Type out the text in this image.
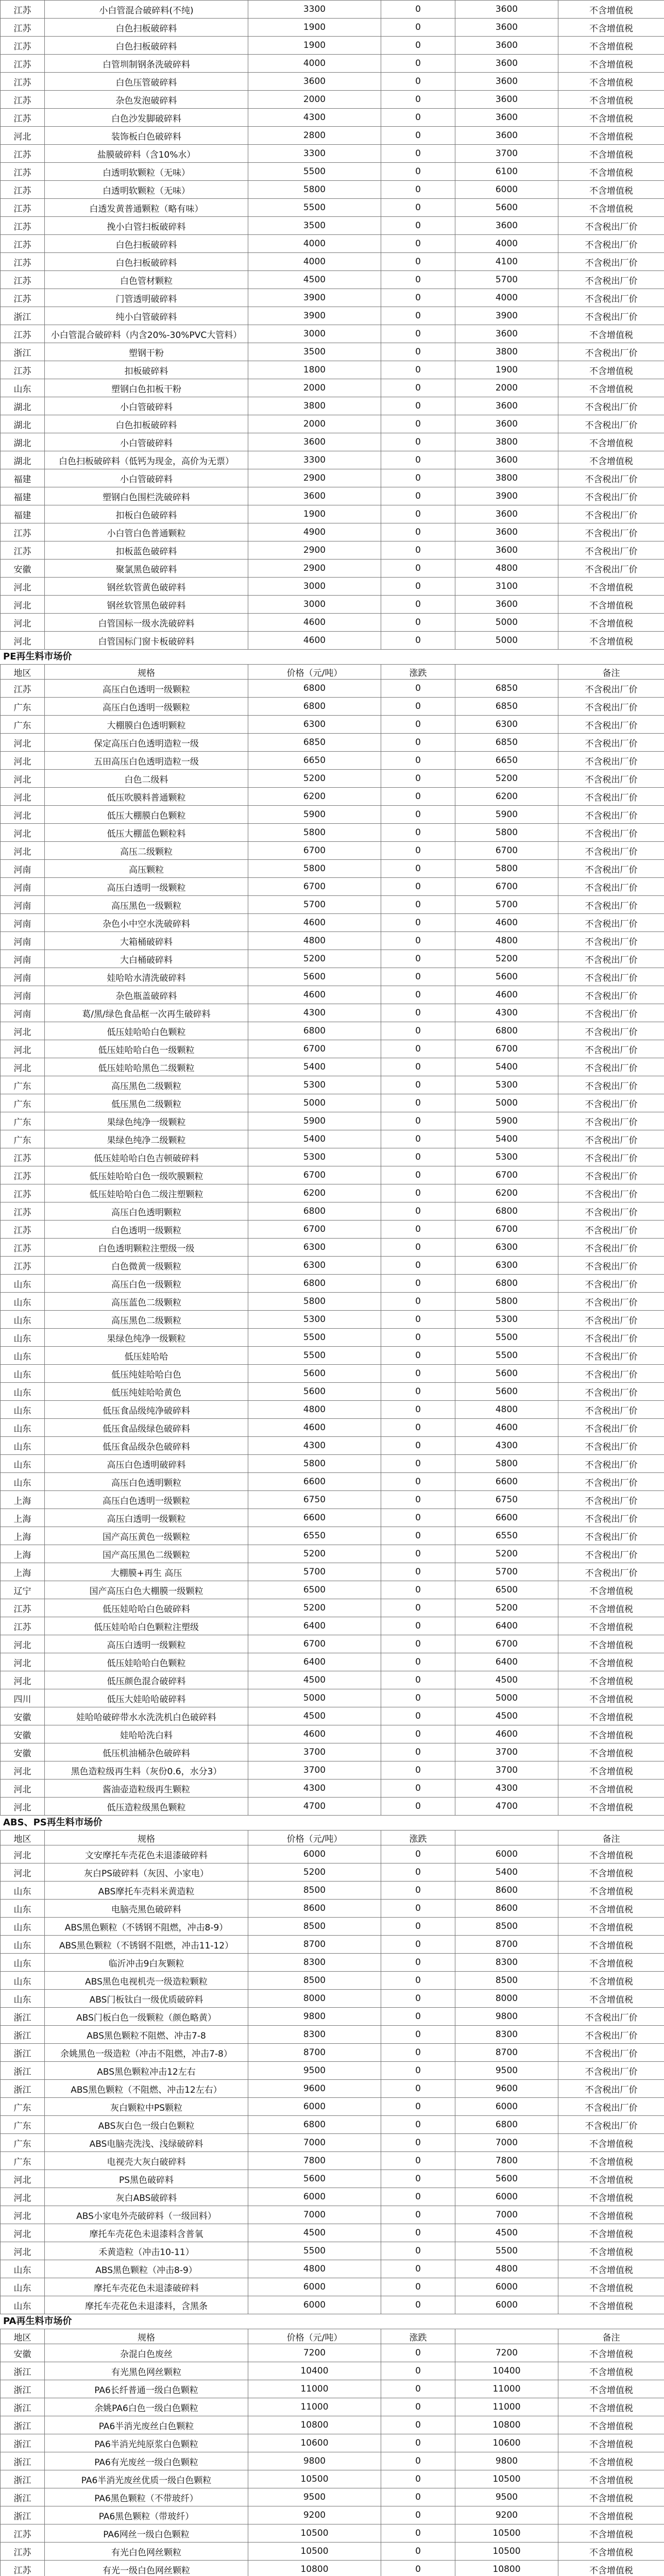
江苏	小白管混合破碎料(不纯)	3300	0	3600	不含增值税
江苏	白色扫板破碎料	1900	0	3600	不含增值税
江苏	白色扫板破碎料	1900	0	3600	不含增值税
江苏	白管圳制钢条洗破碎料	4000	0	3600	不含增值税
江苏	白色压管破碎料	3600	0	3600	不含增值税
江苏	杂色发泡破碎料	2000	0	3600	不含增值税
江苏	白色沙发脚破碎料	4300	0	3600	不含增值税
河北	装饰板白色破碎料	2800	0	3600	不含增值税
江苏	盐膜破碎料（含10%水）	3300	0	3700	不含增值税
江苏	白透明软颗粒（无味）	5500	0	6100	不含增值税
江苏	白透明软颗粒（无味）	5800	0	6000	不含增值税
江苏	白透发黄普通颗粒（略有味）	5500	0	5600	不含增值税
江苏	挽小白管扫板破碎料	3500	0	3600	不含税出厂价
江苏	白色扫板破碎料	4000	0	4000	不含税出厂价
江苏	白色扫板破碎料	4000	0	4100	不含税出厂价
江苏	白色管材颗粒	4500	0	5700	不含税出厂价
江苏	门管透明破碎料	3900	0	4000	不含税出厂价
浙江	纯小白管破碎料	3900	0	3900	不含税出厂价
江苏	小白管混合破碎料（内含20%-30%PVC大管料）	3000	0	3600	不含增值税
浙江	塑钢干粉	3500	0	3800	不含税出厂价
江苏	扣板破碎料	1800	0	1900	不含增值税
山东	塑钢白色扣板干粉	2000	0	2000	不含增值税
湖北	小白管破碎料	3800	0	3600	不含税出厂价
湖北	白色扣板破碎料	2000	0	3600	不含税出厂价
湖北	小白管破碎料	3600	0	3800	不含增值税
湖北	白色扫板破碎料（低钙为现金，高价为无票）	3300	0	3600	不含增值税
福建	小白管破碎料	2900	0	3800	不含税出厂价
福建	塑钢白色围栏洗破碎料	3600	0	3900	不含税出厂价
福建	扣板白色破碎料	1900	0	3600	不含税出厂价
江苏	小白管白色普通颗粒	4900	0	3600	不含税出厂价
江苏	扣板蓝色破碎料	2900	0	3600	不含税出厂价
安徽	聚氯黑色破碎料	2900	0	4800	不含税出厂价
河北	钢丝软管黄色破碎料	3000	0	3100	不含增值税
河北	钢丝软管黑色破碎料	3000	0	3600	不含增值税
河北	白管国标一级水洗破碎料	4600	0	5000	不含增值税
河北	白管国标门窗卡板破碎料	4600	0	5000	不含增值税
PE再生料市场价
地区	规格	价格（元/吨）	涨跌		备注
江苏	高压白色透明一级颗粒	6800	0	6850	不含税出厂价
广东	高压白色透明一级颗粒	6800	0	6850	不含税出厂价
广东	大棚膜白色透明颗粒	6300	0	6300	不含税出厂价
河北	保定高压白色透明造粒一级	6850	0	6850	不含税出厂价
河北	五田高压白色透明造粒一级	6650	0	6650	不含税出厂价
河北	白色二级料	5200	0	5200	不含税出厂价
河北	低压吹膜料普通颗粒	6200	0	6200	不含税出厂价
河北	低压大棚膜白色颗粒	5900	0	5900	不含税出厂价
河北	低压大棚蓝色颗粒料	5800	0	5800	不含税出厂价
河北	高压二级颗粒	6700	0	6700	不含税出厂价
河南	高压颗粒	5800	0	5800	不含税出厂价
河南	高压白透明一级颗粒	6700	0	6700	不含税出厂价
河南	高压黑色一级颗粒	5700	0	5700	不含税出厂价
河南	杂色小中空水洗破碎料	4600	0	4600	不含税出厂价
河南	大箱桶破碎料	4800	0	4800	不含税出厂价
河南	大白桶破碎料	5200	0	5200	不含税出厂价
河南	娃哈哈水清洗破碎料	5600	0	5600	不含税出厂价
河南	杂色瓶盖破碎料	4600	0	4600	不含税出厂价
河南	葛/黑/绿色食品框一次再生破碎料	4300	0	4300	不含税出厂价
河北	低压娃哈哈白色颗粒	6800	0	6800	不含税出厂价
河北	低压娃哈哈白色一级颗粒	6700	0	6700	不含税出厂价
河北	低压娃哈哈黑色二级颗粒	5400	0	5400	不含税出厂价
广东	高压黑色二级颗粒	5300	0	5300	不含税出厂价
广东	低压黑色二级颗粒	5000	0	5000	不含税出厂价
广东	果绿色纯净一级颗粒	5900	0	5900	不含税出厂价
广东	果绿色纯净二级颗粒	5400	0	5400	不含税出厂价
江苏	低压娃哈哈白色吉顿破碎料	5300	0	5300	不含税出厂价
江苏	低压娃哈哈白色一级吹膜颗粒	6700	0	6700	不含税出厂价
江苏	低压娃哈哈白色二级注塑颗粒	6200	0	6200	不含税出厂价
江苏	高压白色透明颗粒	6800	0	6800	不含税出厂价
江苏	白色透明一级颗粒	6700	0	6700	不含税出厂价
江苏	白色透明颗粒注塑级一级	6300	0	6300	不含税出厂价
江苏	白色微黄一级颗粒	6300	0	6300	不含税出厂价
山东	高压白色一级颗粒	6800	0	6800	不含税出厂价
山东	高压蓝色二级颗粒	5800	0	5800	不含税出厂价
山东	高压黑色二级颗粒	5300	0	5300	不含税出厂价
山东	果绿色纯净一级颗粒	5500	0	5500	不含税出厂价
山东	低压娃哈哈	5500	0	5500	不含税出厂价
山东	低压纯娃哈哈白色	5600	0	5600	不含税出厂价
山东	低压纯娃哈哈黄色	5600	0	5600	不含税出厂价
山东	低压食品级纯净破碎料	4800	0	4800	不含税出厂价
山东	低压食品级绿色破碎料	4600	0	4600	不含税出厂价
山东	低压食品级杂色破碎料	4300	0	4300	不含税出厂价
山东	高压白色透明破碎料	5800	0	5800	不含税出厂价
山东	高压白色透明颗粒	6600	0	6600	不含税出厂价
上海	高压白色透明一级颗粒	6750	0	6750	不含税出厂价
上海	高压白透明一级颗粒	6600	0	6600	不含税出厂价
上海	国产高压黄色一级颗粒	6550	0	6550	不含税出厂价
上海	国产高压黑色二级颗粒	5200	0	5200	不含税出厂价
上海	大棚膜+再生 高压	5700	0	5700	不含税出厂价
辽宁	国产高压白色大棚膜一级颗粒	6500	0	6500	不含增值税
江苏	低压娃哈哈白色破碎料	5200	0	5200	不含增值税
江苏	低压娃哈哈白色颗粒注塑级	6400	0	6400	不含增值税
河北	高压白透明一级颗粒	6700	0	6700	不含增值税
河北	低压娃哈哈白色颗粒	6400	0	6400	不含增值税
河北	低压颜色混合破碎料	4500	0	4500	不含增值税
四川	低压大娃哈哈破碎料	5000	0	5000	不含增值税
安徽	娃哈哈破碎带水水洗洗机白色破碎料	4500	0	4500	不含增值税
安徽	娃哈哈洗白料	4600	0	4600	不含增值税
安徽	低压机油桶杂色破碎料	3700	0	3700	不含增值税
河北	黑色造粒级再生料（灰份0.6，水分3）	3700	0	3700	不含增值税
河北	酱油壶造粒级再生颗粒	4300	0	4300	不含增值税
河北	低压造粒级黑色颗粒	4700	0	4700	不含增值税
ABS、PS再生料市场价
地区	规格	价格（元/吨）	涨跌		备注
河北	文安摩托车壳花色未退漆破碎料	6000	0	6000	不含增值税
河北	灰白PS破碎料（灰因、小家电）	5200	0	5400	不含增值税
山东	ABS摩托车壳料米黄造粒	8500	0	8600	不含增值税
山东	电脑壳黑色破碎料	8600	0	8600	不含增值税
山东	ABS黑色颗粒（不锈钢不阻燃，冲击8-9）	8500	0	8500	不含增值税
山东	ABS黑色颗粒（不锈钢不阻燃，冲击11-12）	8700	0	8700	不含增值税
山东	临沂冲击9白灰颗粒	8300	0	8300	不含增值税
山东	ABS黑色电视机壳一级造粒颗粒	8500	0	8500	不含增值税
山东	ABS门板钛白一级优质破碎料	8000	0	8000	不含增值税
浙江	ABS门板白色一级颗粒（颜色略黄）	9800	0	9800	不含税出厂价
浙江	ABS黑色颗粒不阻燃、冲击7-8	8300	0	8300	不含税出厂价
浙江	余姚黑色一级造粒（冲击不阻燃，冲击7-8）	8700	0	8700	不含税出厂价
浙江	ABS黑色颗粒冲击12左右	9500	0	9500	不含税出厂价
浙江	ABS黑色颗粒（不阻燃、冲击12左右）	9600	0	9600	不含税出厂价
广东	灰白颗粒中PS颗粒	6000	0	6000	不含税出厂价
广东	ABS灰白色一级白色颗粒	6800	0	6800	不含税出厂价
广东	ABS电脑壳洗浅、浅绿破碎料	7000	0	7000	不含增值税
广东	电视壳大灰白破碎料	7800	0	7800	不含增值税
河北	PS黑色破碎料	5600	0	5600	不含增值税
河北	灰白ABS破碎料	6000	0	6000	不含增值税
河北	ABS小家电外壳破碎料（一级回料）	7000	0	7000	不含增值税
河北	摩托车壳花色未退漆料含普氧	4500	0	4500	不含增值税
河北	禾黄造粒（冲击10-11）	5500	0	5500	不含增值税
山东	ABS黑色颗粒（冲击8-9）	4800	0	4800	不含增值税
山东	摩托车壳花色未退漆破碎料	6000	0	6000	不含增值税
山东	摩托车壳花色未退漆料，含黑条	6000	0	6000	不含增值税
PA再生料市场价
地区	规格	价格（元/吨）	涨跌		备注
安徽	杂混白色废丝	7200	0	7200	不含增值税
浙江	有光黑色网丝颗粒	10400	0	10400	不含增值税
浙江	PA6长纤普通一级白色颗粒	11000	0	11000	不含增值税
浙江	余姚PA6白色一级白色颗粒	11000	0	11000	不含增值税
浙江	PA6半消光废丝白色颗粒	10800	0	10800	不含增值税
浙江	PA6半消光纯原浆白色颗粒	10600	0	10600	不含增值税
浙江	PA6有光废丝一级白色颗粒	9800	0	9800	不含增值税
浙江	PA6半消光废丝优质一级白色颗粒	10500	0	10500	不含增值税
浙江	PA6黑色颗粒（不带玻纤）	9500	0	9500	不含增值税
浙江	PA6黑色颗粒（带玻纤）	9200	0	9200	不含增值税
江苏	PA6网丝一级白色颗粒	10500	0	10500	不含增值税
江苏	有光白色网丝颗粒	10500	0	10500	不含增值税
江苏	有光一级白色网丝颗粒	10800	0	10800	不含增值税
